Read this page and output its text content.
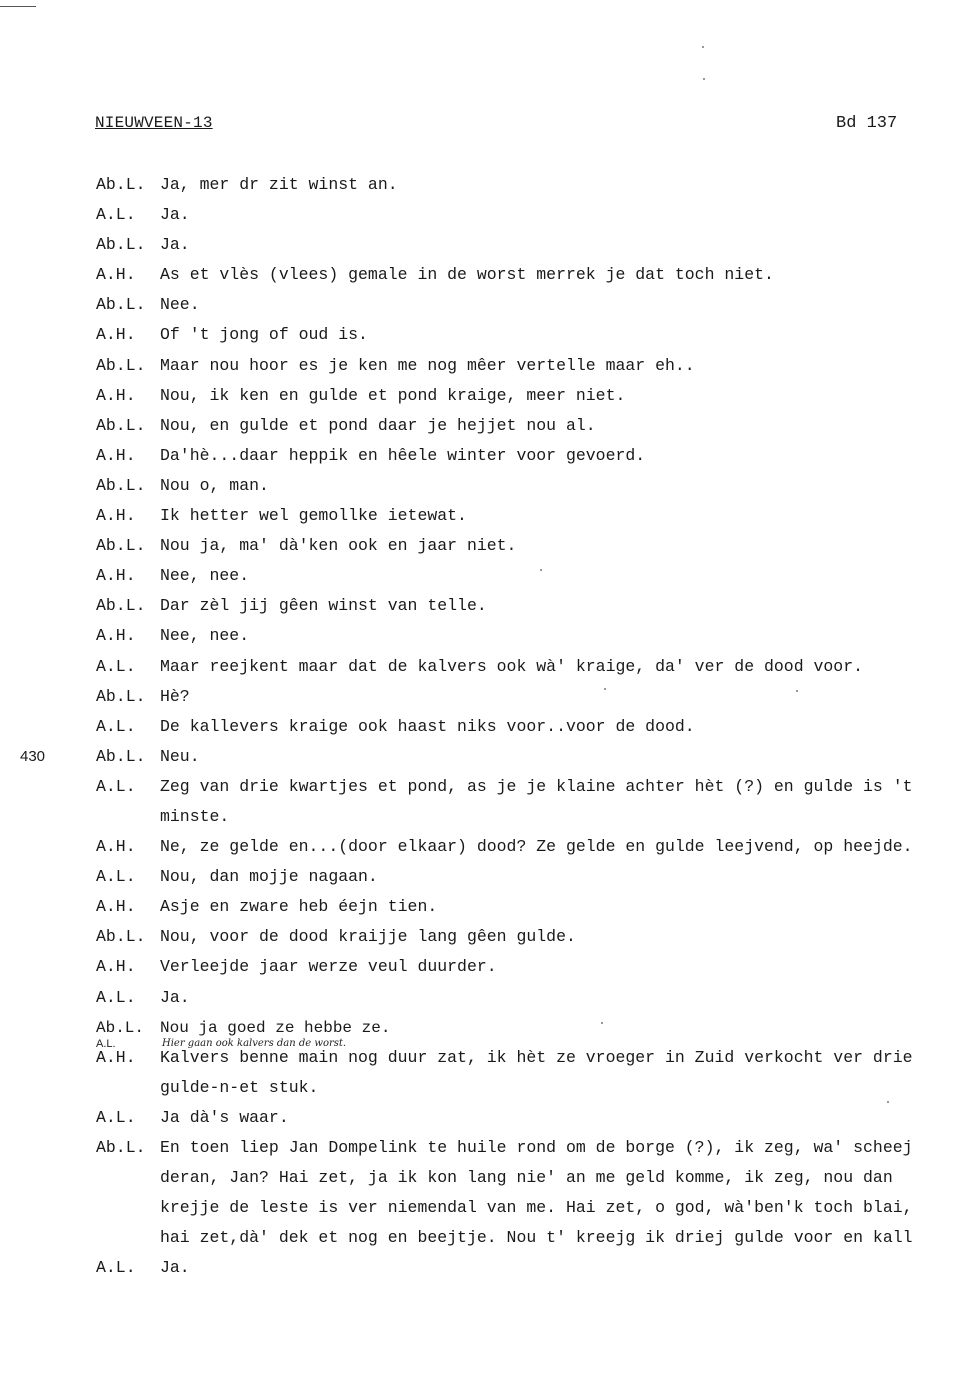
NIEUWVEEN-13	Bd 137
Ab.L. Ja, mer dr zit winst an.
A.L.	Ja.
Ab.L. Ja.
A.H.	As et vlès (vlees) gemale in de worst merrek je dat toch niet.
Ab.L. Nee.
A.H.	Of 't jong of oud is.
Ab.L. Maar nou hoor es je ken me nog mêer vertelle maar eh..
A.H.	Nou, ik ken en gulde et pond kraige, meer niet.
Ab.L. Nou, en gulde et pond daar je hejjet nou al.
A.H.	Da'hè...daar heppik en hêele winter voor gevoerd.
Ab.L. Nou o, man.
A.H.	Ik hetter wel gemollke ietewat.
Ab.L. Nou ja, ma' dà'ken ook en jaar niet.
A.H.	Nee, nee.
Ab.L. Dar zèl jij gêen winst van telle.
A.H.	Nee, nee.
A.L.	Maar reejkent maar dat de kalvers ook wà' kraige, da' ver de dood voor.
Ab.L. Hè?
A.L.	De kallevers kraige ook haast niks voor..voor de dood.
430	Ab.L. Neu.
A.L.	Zeg van drie kwartjes et pond, as je je klaine achter hèt (?) en gulde is 't
minste.
A.H.	Ne, ze gelde en...(door elkaar) dood? Ze gelde en gulde leejvend, op heejde.
A.L.	Nou, dan mojje nagaan.
A.H.	Asje en zware heb éejn tien.
Ab.L. Nou, voor de dood kraijje lang gêen gulde.
A.H.	Verleejde jaar werze veul duurder.
A.L.	Ja.
Ab.L. Nou ja goed ze hebbe ze.
A.H.	Kalvers benne main nog duur zat, ik hèt ze vroeger in Zuid verkocht ver drie
gulde-n-et stuk.
A.L.	Ja dà's waar.
Ab.L. En toen liep Jan Dompelink te huile rond om de borge (?), ik zeg, wa' scheej
deran, Jan? Hai zet, ja ik kon lang nie' an me geld komme, ik zeg, nou dan
krejje de leste is ver niemendal van me. Hai zet, o god, wà'ben'k toch blai,
hai zet,dà' dek et nog en beejtje. Nou t' kreejg ik driej gulde voor en kall
A.L.	Ja.
A.L.	Hier gaan ook kalvers dan de worst.
